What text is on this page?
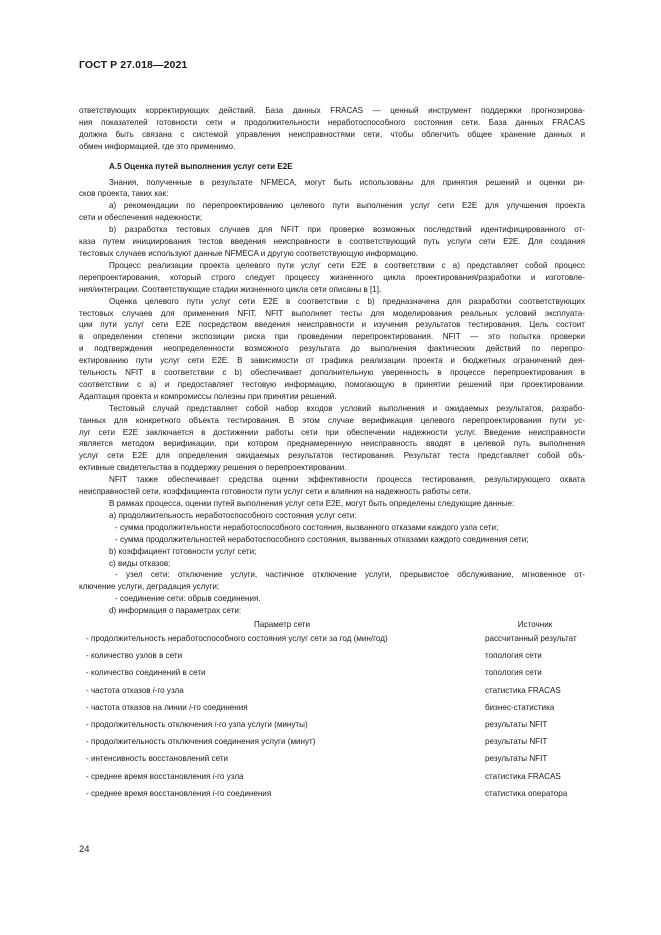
ГОСТ Р 27.018—2021

ответствующих корректирующих действий. База данных FRACAS — ценный инструмент поддержки прогнозирова-

ния показателей готовности сети и продолжительности неработоспособного состояния сети. База данных FRACAS

должна быть связана с системой управления неисправностями сети, чтобы облегчить общее хранение данных и

обмен информацией, где это применимо.

А.5 Оценка путей выполнения услуг сети E2E

Знания, полученные в результате NFMECA, могут быть использованы для принятия решений и оценки ри-

сков проекта, таких как:

а) рекомендации по перепроектированию целевого пути выполнения услуг сети E2E для улучшения проекта

сети и обеспечения надежности;

b) разработка тестовых случаев для NFIT при проверке возможных последствий идентифицированного от-

каза путем инициирования тестов введения неисправности в соответствующий путь услуги сети E2E. Для создания

тестовых случаев используют данные NFMECA и другую соответствующую информацию.

Процесс реализации проекта целевого пути услуг сети E2E в соответствии с а) представляет собой процесс

перепроектирования, который строго следует процессу жизненного цикла проектирования/разработки и изготовле-

ния/интеграции. Соответствующие стадии жизненного цикла сети описаны в [1].

Оценка целевого пути услуг сети E2E в соответствии с b) предназначена для разработки соответствующих

тестовых случаев для применения NFIT. NFIT выполняет тесты для моделирования реальных условий эксплуата-

ции пути услуг сети E2E посредством введения неисправности и изучения результатов тестирования. Цель состоит

в определении степени экспозиции риска при проведении перепроектирования. NFIT — это попытка проверки

и подтверждения неопределенности возможного результата до выполнения фактических действий по перепро-

ектированию пути услуг сети E2E. В зависимости от графика реализации проекта и бюджетных ограничений дея-

тельность NFIT в соответствии с b) обеспечивает дополнительную уверенность в процессе перепроектирования в

соответствии с а) и предоставляет тестовую информацию, помогающую в принятии решений при проектировании.

Адаптация проекта и компромиссы полезны при принятии решений.

Тестовый случай представляет собой набор входов условий выполнения и ожидаемых результатов, разрабо-

танных для конкретного объекта тестирования. В этом случае верификация целевого перепроектирования пути ус-

луг сети E2E заключается в достижении работы сети при обеспечении надежности услуг. Введение неисправности

является методом верификации, при котором преднамеренную неисправность вводят в целевой путь выполнения

услуг сети E2E для определения ожидаемых результатов тестирования. Результат теста представляет собой объ-

ективные свидетельства в поддержку решения о перепроектировании.

NFIT также обеспечивает средства оценки эффективности процесса тестирования, результирующего охвата

неисправностей сети, коэффициента готовности пути услуг сети и влияния на надежность работы сети.

В рамках процесса, оценки путей выполнения услуг сети E2E, могут быть определены следующие данные:

а) продолжительность неработоспособного состояния услуг сети:

- сумма продолжительности неработоспособного состояния, вызванного отказами каждого узла сети;

- сумма продолжительностей неработоспособного состояния, вызванных отказами каждого соединения сети;

b) коэффициент готовности услуг сети;

с) виды отказов:

- узел сети: отключение услуги, частичное отключение услуги, прерывистое обслуживание, мгновенное от-

ключение услуги, деградация услуги;

- соединение сети: обрыв соединения.

d) информация о параметрах сети:

Параметр сети	Источник
- продолжительность неработоспособного состояния услуг сети за год (мин/год)	рассчитанный результат
- количество узлов в сети	топология сети
- количество соединений в сети	топология сети
- частота отказов i-го узла	статистика FRACAS
- частота отказов на линии i-го соединения	бизнес-статистика
- продолжительность отключения i-го узла услуги (минуты)	результаты NFIT
- продолжительность отключения соединения услуги (минут)	результаты NFIT
- интенсивность восстановлений сети	результаты NFIT
- среднее время восстановления i-го узла	статистика FRACAS
- среднее время восстановления i-го соединения	статистика оператора
24
